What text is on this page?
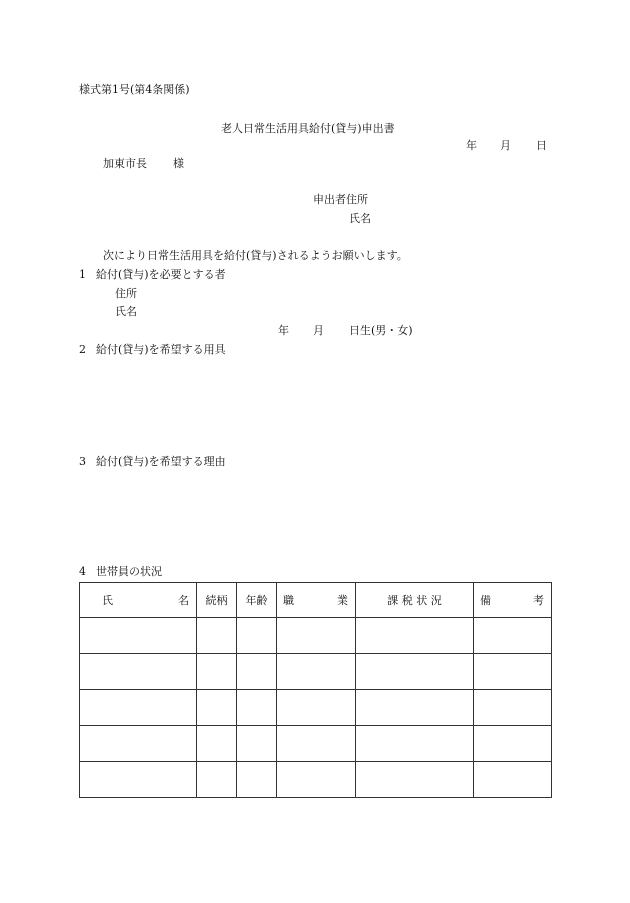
様式第1号(第4条関係)
老人日常生活用具給付(貸与)申出書
年 月 日
加東市長 様
申出者住所
氏名
次により日常生活用具を給付(貸与)されるようお願いします。
1 給付(貸与)を必要とする者
住所
氏名
年 月 日生(男・女)
2 給付(貸与)を希望する用具
3 給付(貸与)を希望する理由
4 世帯員の状況
氏 名	続柄	年齢	職 業	課 税 状 況	備 考
